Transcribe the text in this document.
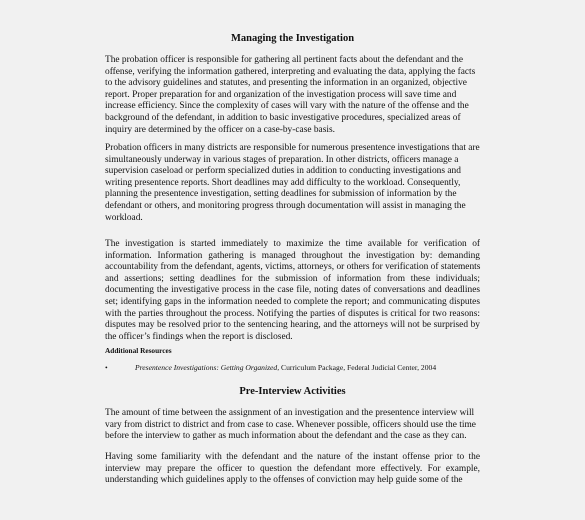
Managing the Investigation
The probation officer is responsible for gathering all pertinent facts about the defendant and the
offense, verifying the information gathered, interpreting and evaluating the data, applying the facts
to the advisory guidelines and statutes, and presenting the information in an organized, objective
report. Proper preparation for and organization of the investigation process will save time and
increase efficiency. Since the complexity of cases will vary with the nature of the offense and the
background of the defendant, in addition to basic investigative procedures, specialized areas of
inquiry are determined by the officer on a case-by-case basis.
Probation officers in many districts are responsible for numerous presentence investigations that are
simultaneously underway in various stages of preparation. In other districts, officers manage a
supervision caseload or perform specialized duties in addition to conducting investigations and
writing presentence reports. Short deadlines may add difficulty to the workload. Consequently,
planning the presentence investigation, setting deadlines for submission of information by the
defendant or others, and monitoring progress through documentation will assist in managing the
workload.
The investigation is started immediately to maximize the time available for verification of
information. Information gathering is managed throughout the investigation by: demanding
accountability from the defendant, agents, victims, attorneys, or others for verification of statements
and assertions; setting deadlines for the submission of information from these individuals;
documenting the investigative process in the case file, noting dates of conversations and deadlines
set; identifying gaps in the information needed to complete the report; and communicating disputes
with the parties throughout the process. Notifying the parties of disputes is critical for two reasons:
disputes may be resolved prior to the sentencing hearing, and the attorneys will not be surprised by
the officer’s findings when the report is disclosed.
Additional Resources
•	Presentence Investigations: Getting Organized, Curriculum Package, Federal Judicial Center, 2004
Pre-Interview Activities
The amount of time between the assignment of an investigation and the presentence interview will
vary from district to district and from case to case. Whenever possible, officers should use the time
before the interview to gather as much information about the defendant and the case as they can.
Having some familiarity with the defendant and the nature of the instant offense prior to the
interview may prepare the officer to question the defendant more effectively. For example,
understanding which guidelines apply to the offenses of conviction may help guide some of the
